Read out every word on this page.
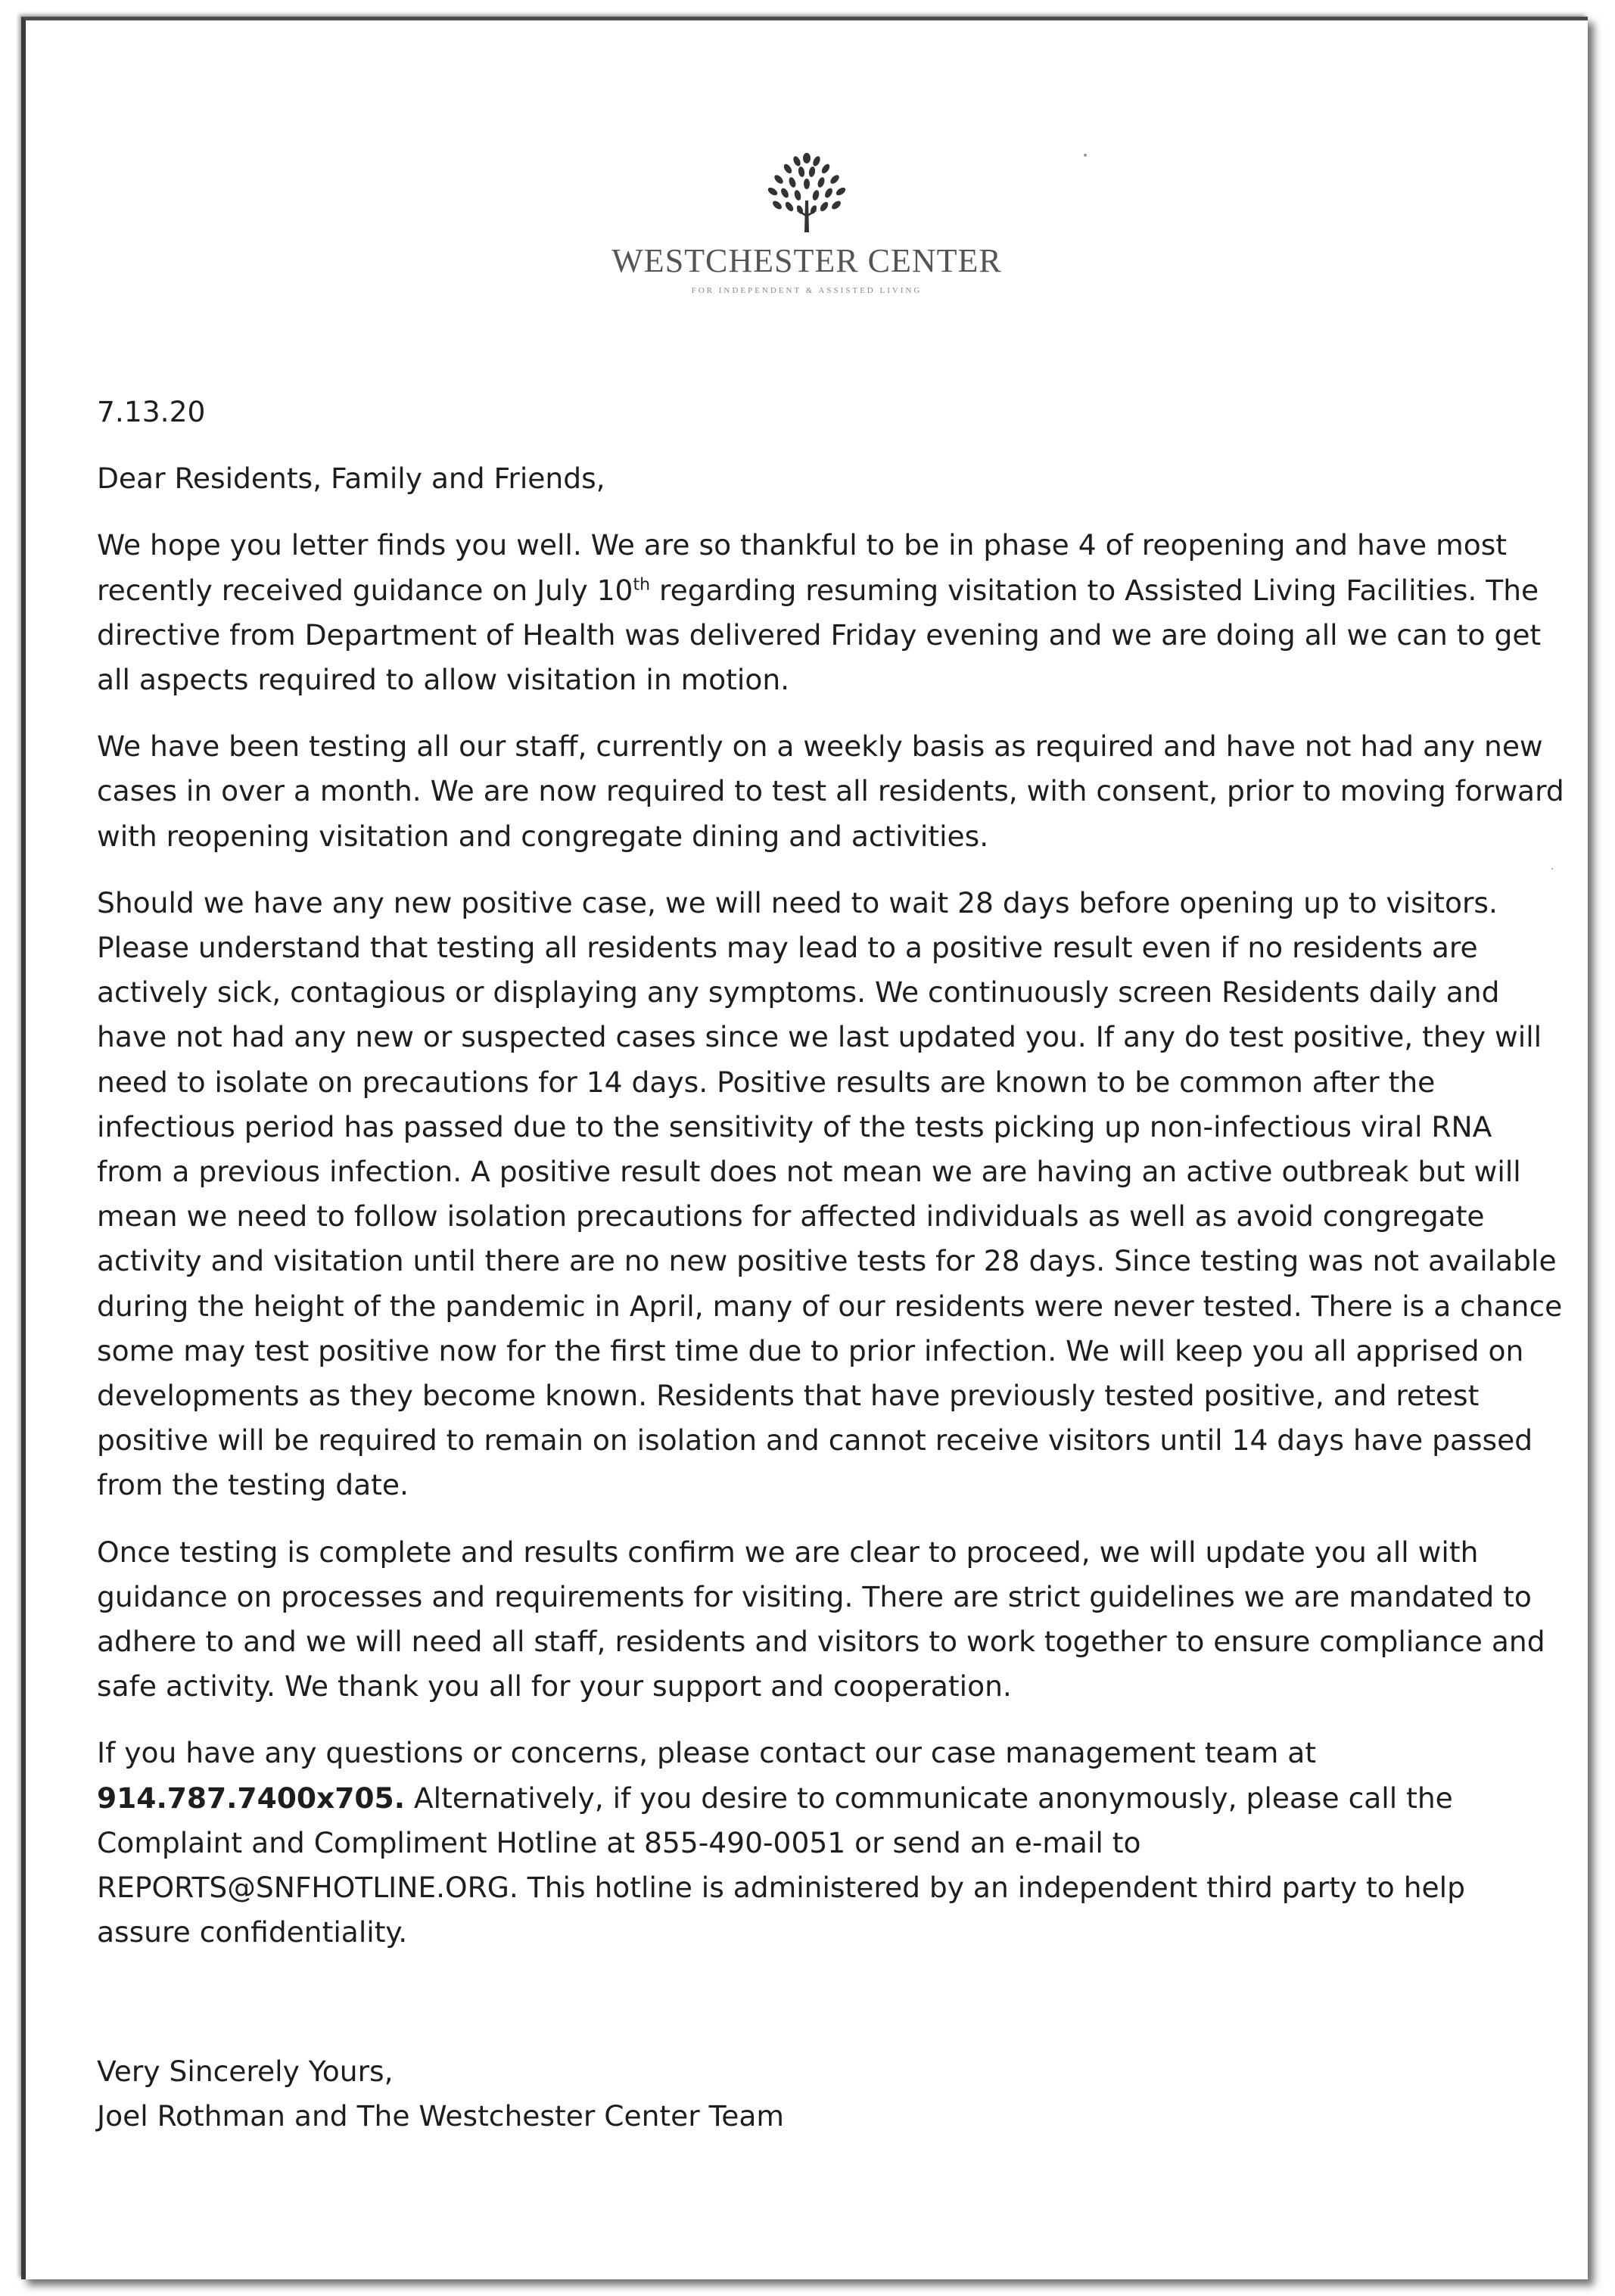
WESTCHESTER CENTER
FOR INDEPENDENT & ASSISTED LIVING

7.13.20

Dear Residents, Family and Friends,

We hope you letter finds you well. We are so thankful to be in phase 4 of reopening and have most recently received guidance on July 10th regarding resuming visitation to Assisted Living Facilities. The directive from Department of Health was delivered Friday evening and we are doing all we can to get all aspects required to allow visitation in motion.

We have been testing all our staff, currently on a weekly basis as required and have not had any new cases in over a month. We are now required to test all residents, with consent, prior to moving forward with reopening visitation and congregate dining and activities.

Should we have any new positive case, we will need to wait 28 days before opening up to visitors. Please understand that testing all residents may lead to a positive result even if no residents are actively sick, contagious or displaying any symptoms. We continuously screen Residents daily and have not had any new or suspected cases since we last updated you. If any do test positive, they will need to isolate on precautions for 14 days. Positive results are known to be common after the infectious period has passed due to the sensitivity of the tests picking up non-infectious viral RNA from a previous infection. A positive result does not mean we are having an active outbreak but will mean we need to follow isolation precautions for affected individuals as well as avoid congregate activity and visitation until there are no new positive tests for 28 days. Since testing was not available during the height of the pandemic in April, many of our residents were never tested. There is a chance some may test positive now for the first time due to prior infection. We will keep you all apprised on developments as they become known. Residents that have previously tested positive, and retest positive will be required to remain on isolation and cannot receive visitors until 14 days have passed from the testing date.

Once testing is complete and results confirm we are clear to proceed, we will update you all with guidance on processes and requirements for visiting. There are strict guidelines we are mandated to adhere to and we will need all staff, residents and visitors to work together to ensure compliance and safe activity. We thank you all for your support and cooperation.

If you have any questions or concerns, please contact our case management team at 914.787.7400x705. Alternatively, if you desire to communicate anonymously, please call the Complaint and Compliment Hotline at 855-490-0051 or send an e-mail to REPORTS@SNFHOTLINE.ORG. This hotline is administered by an independent third party to help assure confidentiality.

Very Sincerely Yours,

Joel Rothman and The Westchester Center Team
